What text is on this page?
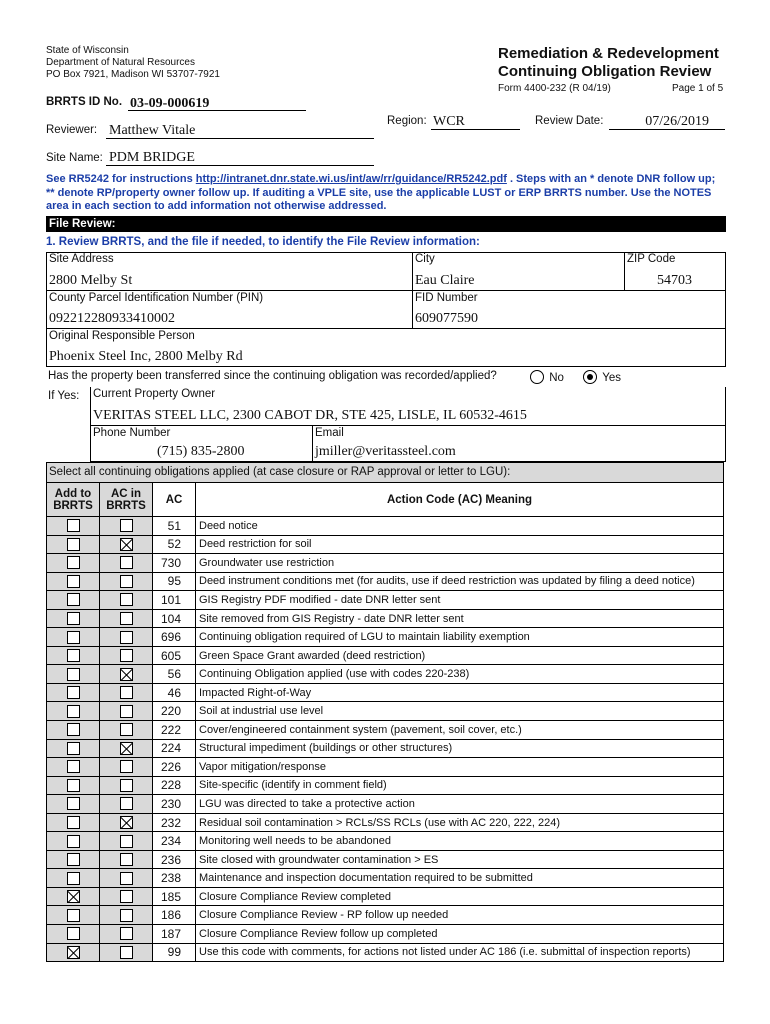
State of Wisconsin
Department of Natural Resources
PO Box 7921, Madison WI 53707-7921
Remediation & Redevelopment
Continuing Obligation Review
Form 4400-232 (R 04/19)	Page 1 of 5
BRRTS ID No. 03-09-000619
Reviewer: Matthew Vitale
Region: WCR	Review Date:	07/26/2019
Site Name: PDM BRIDGE
See RR5242 for instructions http://intranet.dnr.state.wi.us/int/aw/rr/guidance/RR5242.pdf . Steps with an * denote DNR follow up; ** denote RP/property owner follow up. If auditing a VPLE site, use the applicable LUST or ERP BRRTS number. Use the NOTES area in each section to add information not otherwise addressed.
File Review:
1. Review BRRTS, and the file if needed, to identify the File Review information:
Site Address
2800 Melby St
City
Eau Claire
ZIP Code
54703
County Parcel Identification Number (PIN)
092212280933410002
FID Number
609077590
Original Responsible Person
Phoenix Steel Inc, 2800 Melby Rd
Has the property been transferred since the continuing obligation was recorded/applied?	No	Yes
If Yes: Current Property Owner
VERITAS STEEL LLC, 2300 CABOT DR, STE 425, LISLE, IL 60532-4615
Phone Number
(715) 835-2800
Email
jmiller@veritassteel.com
Select all continuing obligations applied (at case closure or RAP approval or letter to LGU):
Add to BRRTS	AC in BRRTS	AC	Action Code (AC) Meaning
		51	Deed notice
		52	Deed restriction for soil
		730	Groundwater use restriction
		95	Deed instrument conditions met (for audits, use if deed restriction was updated by filing a deed notice)
		101	GIS Registry PDF modified - date DNR letter sent
		104	Site removed from GIS Registry - date DNR letter sent
		696	Continuing obligation required of LGU to maintain liability exemption
		605	Green Space Grant awarded (deed restriction)
		56	Continuing Obligation applied (use with codes 220-238)
		46	Impacted Right-of-Way
		220	Soil at industrial use level
		222	Cover/engineered containment system (pavement, soil cover, etc.)
		224	Structural impediment (buildings or other structures)
		226	Vapor mitigation/response
		228	Site-specific (identify in comment field)
		230	LGU was directed to take a protective action
		232	Residual soil contamination > RCLs/SS RCLs (use with AC 220, 222, 224)
		234	Monitoring well needs to be abandoned
		236	Site closed with groundwater contamination > ES
		238	Maintenance and inspection documentation required to be submitted
		185	Closure Compliance Review completed
		186	Closure Compliance Review - RP follow up needed
		187	Closure Compliance Review follow up completed
		99	Use this code with comments, for actions not listed under AC 186 (i.e. submittal of inspection reports)
